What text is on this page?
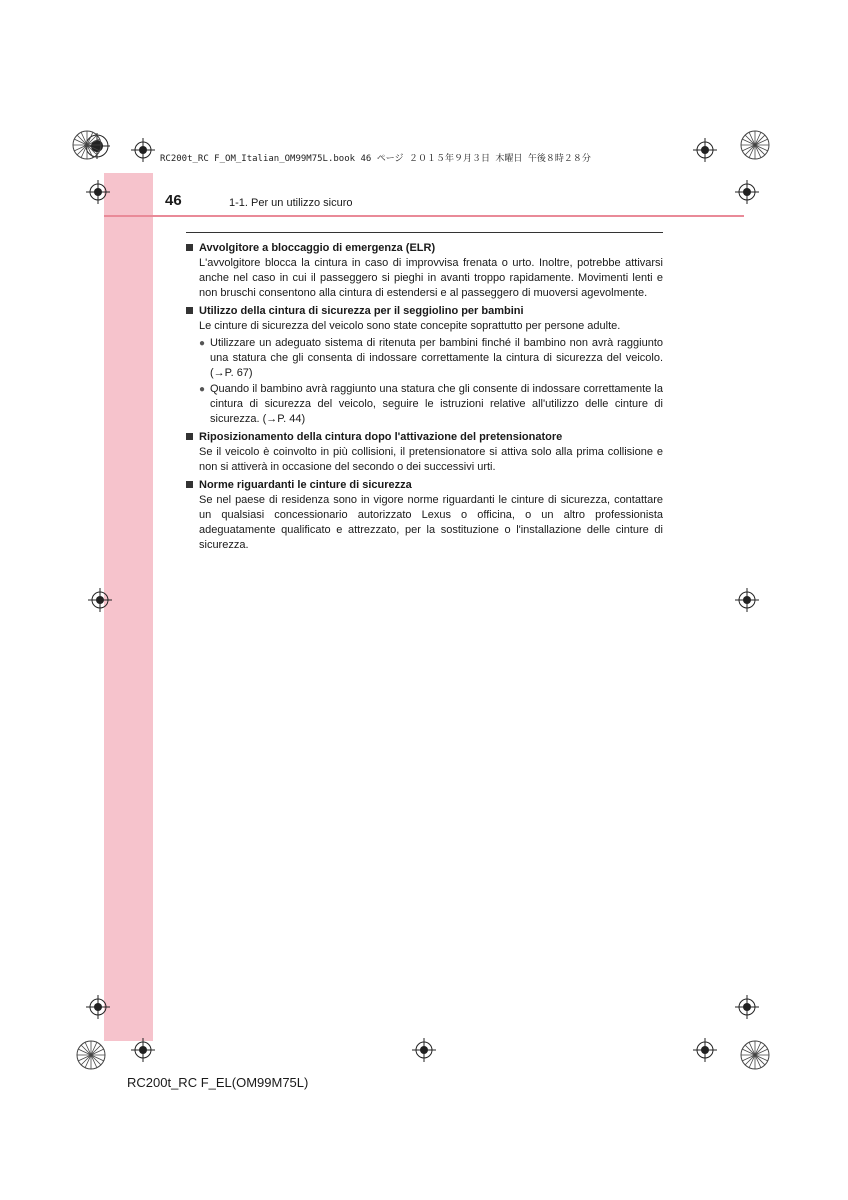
RC200t_RC F_OM_Italian_OM99M75L.book 46 ページ ２０１５年９月３日 木曜日 午後８時２８分
46	1-1. Per un utilizzo sicuro
Avvolgitore a bloccaggio di emergenza (ELR)
L'avvolgitore blocca la cintura in caso di improvvisa frenata o urto. Inoltre, potrebbe attivarsi anche nel caso in cui il passeggero si pieghi in avanti troppo rapidamente. Movimenti lenti e non bruschi consentono alla cintura di estendersi e al passeggero di muoversi agevolmente.
Utilizzo della cintura di sicurezza per il seggiolino per bambini
Le cinture di sicurezza del veicolo sono state concepite soprattutto per persone adulte.
● Utilizzare un adeguato sistema di ritenuta per bambini finché il bambino non avrà raggiunto una statura che gli consenta di indossare correttamente la cintura di sicurezza del veicolo. (→P. 67)
● Quando il bambino avrà raggiunto una statura che gli consente di indossare correttamente la cintura di sicurezza del veicolo, seguire le istruzioni relative all'utilizzo delle cinture di sicurezza. (→P. 44)
Riposizionamento della cintura dopo l'attivazione del pretensionatore
Se il veicolo è coinvolto in più collisioni, il pretensionatore si attiva solo alla prima collisione e non si attiverà in occasione del secondo o dei successivi urti.
Norme riguardanti le cinture di sicurezza
Se nel paese di residenza sono in vigore norme riguardanti le cinture di sicurezza, contattare un qualsiasi concessionario autorizzato Lexus o officina, o un altro professionista adeguatamente qualificato e attrezzato, per la sostituzione o l'installazione delle cinture di sicurezza.
RC200t_RC F_EL(OM99M75L)
